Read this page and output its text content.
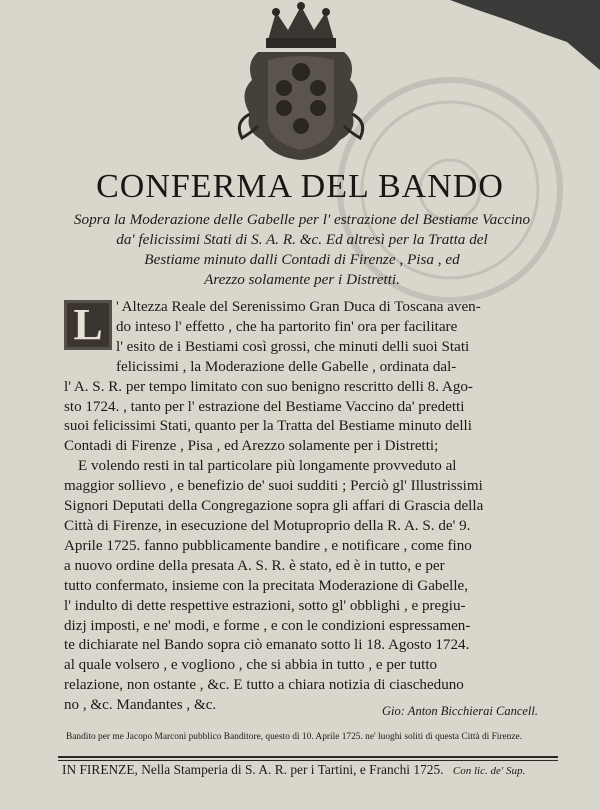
CONFERMA DEL BANDO
Sopra la Moderazione delle Gabelle per l' estrazione del Bestiame Vaccino
da' felicissimi Stati di S. A. R. &c. Ed altresì per la Tratta del
Bestiame minuto dalli Contadi di Firenze , Pisa , ed
Arezzo solamente per i Distretti.
L ' Altezza Reale del Serenissimo Gran Duca di Toscana aven-
do inteso l' effetto , che ha partorito fin' ora per facilitare
l' esito de i Bestiami così grossi, che minuti delli suoi Stati
felicissimi , la Moderazione delle Gabelle , ordinata dal-
l' A. S. R. per tempo limitato con suo benigno rescritto delli 8. Ago-
sto 1724. , tanto per l' estrazione del Bestiame Vaccino da' predetti
suoi felicissimi Stati, quanto per la Tratta del Bestiame minuto delli
Contadi di Firenze , Pisa , ed Arezzo solamente per i Distretti;
E volendo resti in tal particolare più longamente provveduto al
maggior sollievo , e benefizio de' suoi sudditi ; Perciò gl' Illustrissimi
Signori Deputati della Congregazione sopra gli affari di Grascia della
Città di Firenze, in esecuzione del Motuproprio della R. A. S. de' 9.
Aprile 1725. fanno pubblicamente bandire , e notificare , come fino
a nuovo ordine della presata A. S. R. è stato, ed è in tutto, e per
tutto confermato, insieme con la precitata Moderazione di Gabelle,
l' indulto di dette respettive estrazioni, sotto gl' obblighi , e pregiu-
dizj imposti, e ne' modi, e forme , e con le condizioni espressamen-
te dichiarate nel Bando sopra ciò emanato sotto li 18. Agosto 1724.
al quale volsero , e vogliono , che si abbia in tutto , e per tutto
relazione, non ostante , &c. E tutto a chiara notizia di ciascheduno
no , &c. Mandantes , &c.	Gio: Anton Bicchierai Cancell.
Bandito per me Jacopo Marconi pubblico Banditore, questo dì 10. Aprile 1725. ne' luoghi soliti di questa Città di Firenze.
IN FIRENZE, Nella Stamperia di S. A. R. per i Tartini, e Franchi 1725. Con lic. de' Sup.
